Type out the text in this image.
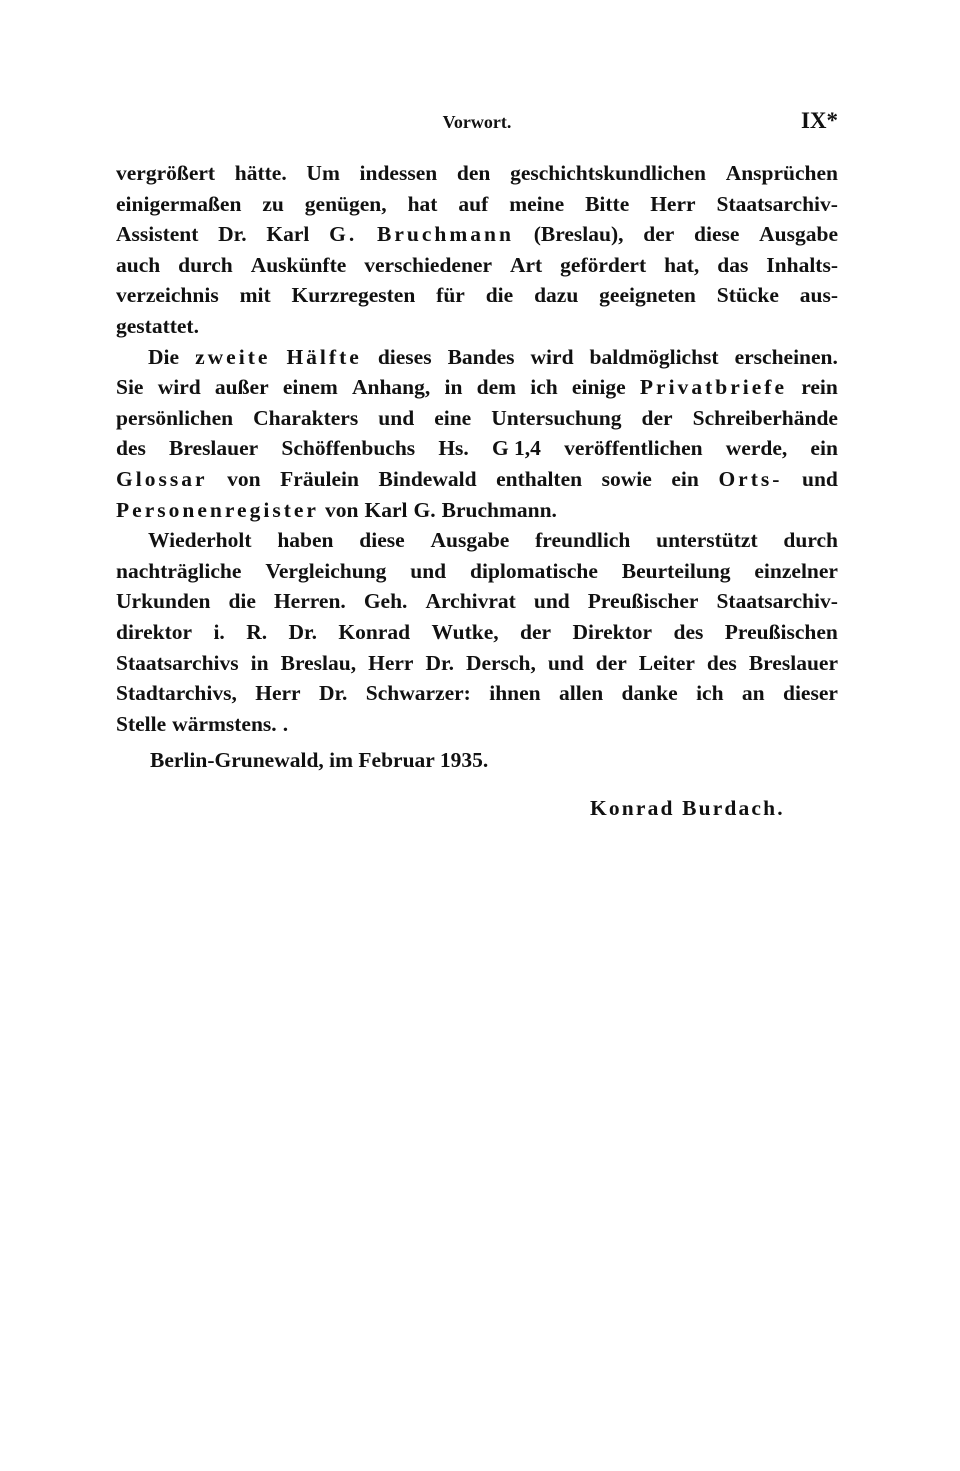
Vorwort.	IX*
vergrößert hätte. Um indessen den geschichtskundlichen Ansprüchen
einigermaßen zu genügen, hat auf meine Bitte Herr Staatsarchiv-
Assistent Dr. Karl G. Bruchmann (Breslau), der diese Ausgabe
auch durch Auskünfte verschiedener Art gefördert hat, das Inhalts-
verzeichnis mit Kurzregesten für die dazu geeigneten Stücke aus-
gestattet.
Die zweite Hälfte dieses Bandes wird baldmöglichst erscheinen.
Sie wird außer einem Anhang, in dem ich einige Privatbriefe rein
persönlichen Charakters und eine Untersuchung der Schreiberhände
des Breslauer Schöffenbuchs Hs. G 1,4 veröffentlichen werde, ein
Glossar von Fräulein Bindewald enthalten sowie ein Orts- und
Personenregister von Karl G. Bruchmann.
Wiederholt haben diese Ausgabe freundlich unterstützt durch
nachträgliche Vergleichung und diplomatische Beurteilung einzelner
Urkunden die Herren. Geh. Archivrat und Preußischer Staatsarchiv-
direktor i. R. Dr. Konrad Wutke, der Direktor des Preußischen
Staatsarchivs in Breslau, Herr Dr. Dersch, und der Leiter des Breslauer
Stadtarchivs, Herr Dr. Schwarzer: ihnen allen danke ich an dieser
Stelle wärmstens. .
Berlin-Grunewald, im Februar 1935.
Konrad Burdach.
